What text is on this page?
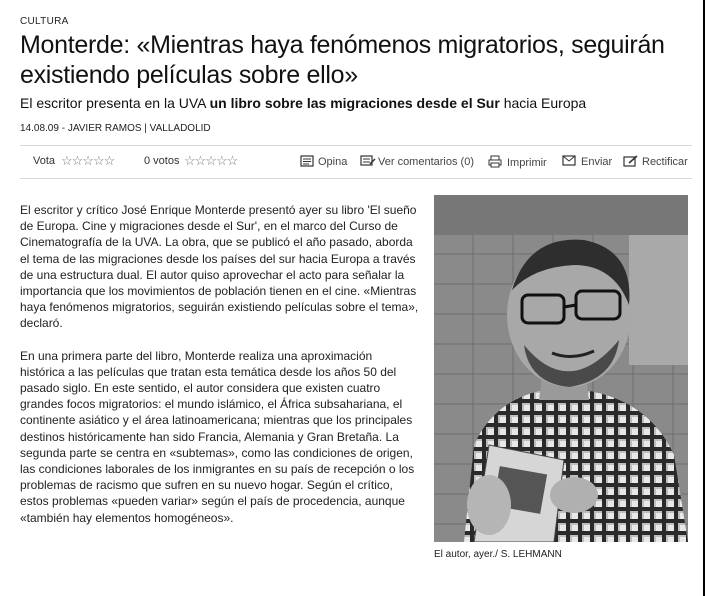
CULTURA
Monterde: «Mientras haya fenómenos migratorios, seguirán existiendo películas sobre ello»
El escritor presenta en la UVA un libro sobre las migraciones desde el Sur hacia Europa
14.08.09 - JAVIER RAMOS | VALLADOLID
Vota ☆☆☆☆☆	0 votos ☆☆☆☆☆	Opina	Ver comentarios (0)	Imprimir	Enviar	Rectificar

El escritor y crítico José Enrique Monterde presentó ayer su libro 'El sueño de Europa. Cine y migraciones desde el Sur', en el marco del Curso de Cinematografía de la UVA. La obra, que se publicó el año pasado, aborda el tema de las migraciones desde los países del sur hacia Europa a través de una estructura dual. El autor quiso aprovechar el acto para señalar la importancia que los movimientos de población tienen en el cine. «Mientras haya fenómenos migratorios, seguirán existiendo películas sobre el tema», declaró.

En una primera parte del libro, Monterde realiza una aproximación histórica a las películas que tratan esta temática desde los años 50 del pasado siglo. En este sentido, el autor considera que existen cuatro grandes focos migratorios: el mundo islámico, el África subsahariana, el continente asiático y el área latinoamericana; mientras que los principales destinos históricamente han sido Francia, Alemania y Gran Bretaña. La segunda parte se centra en «subtemas», como las condiciones de origen, las condiciones laborales de los inmigrantes en su país de recepción o los problemas de racismo que sufren en su nuevo hogar. Según el crítico, estos problemas «pueden variar» según el país de procedencia, aunque «también hay elementos homogéneos».

El autor, ayer./ S. LEHMANN
